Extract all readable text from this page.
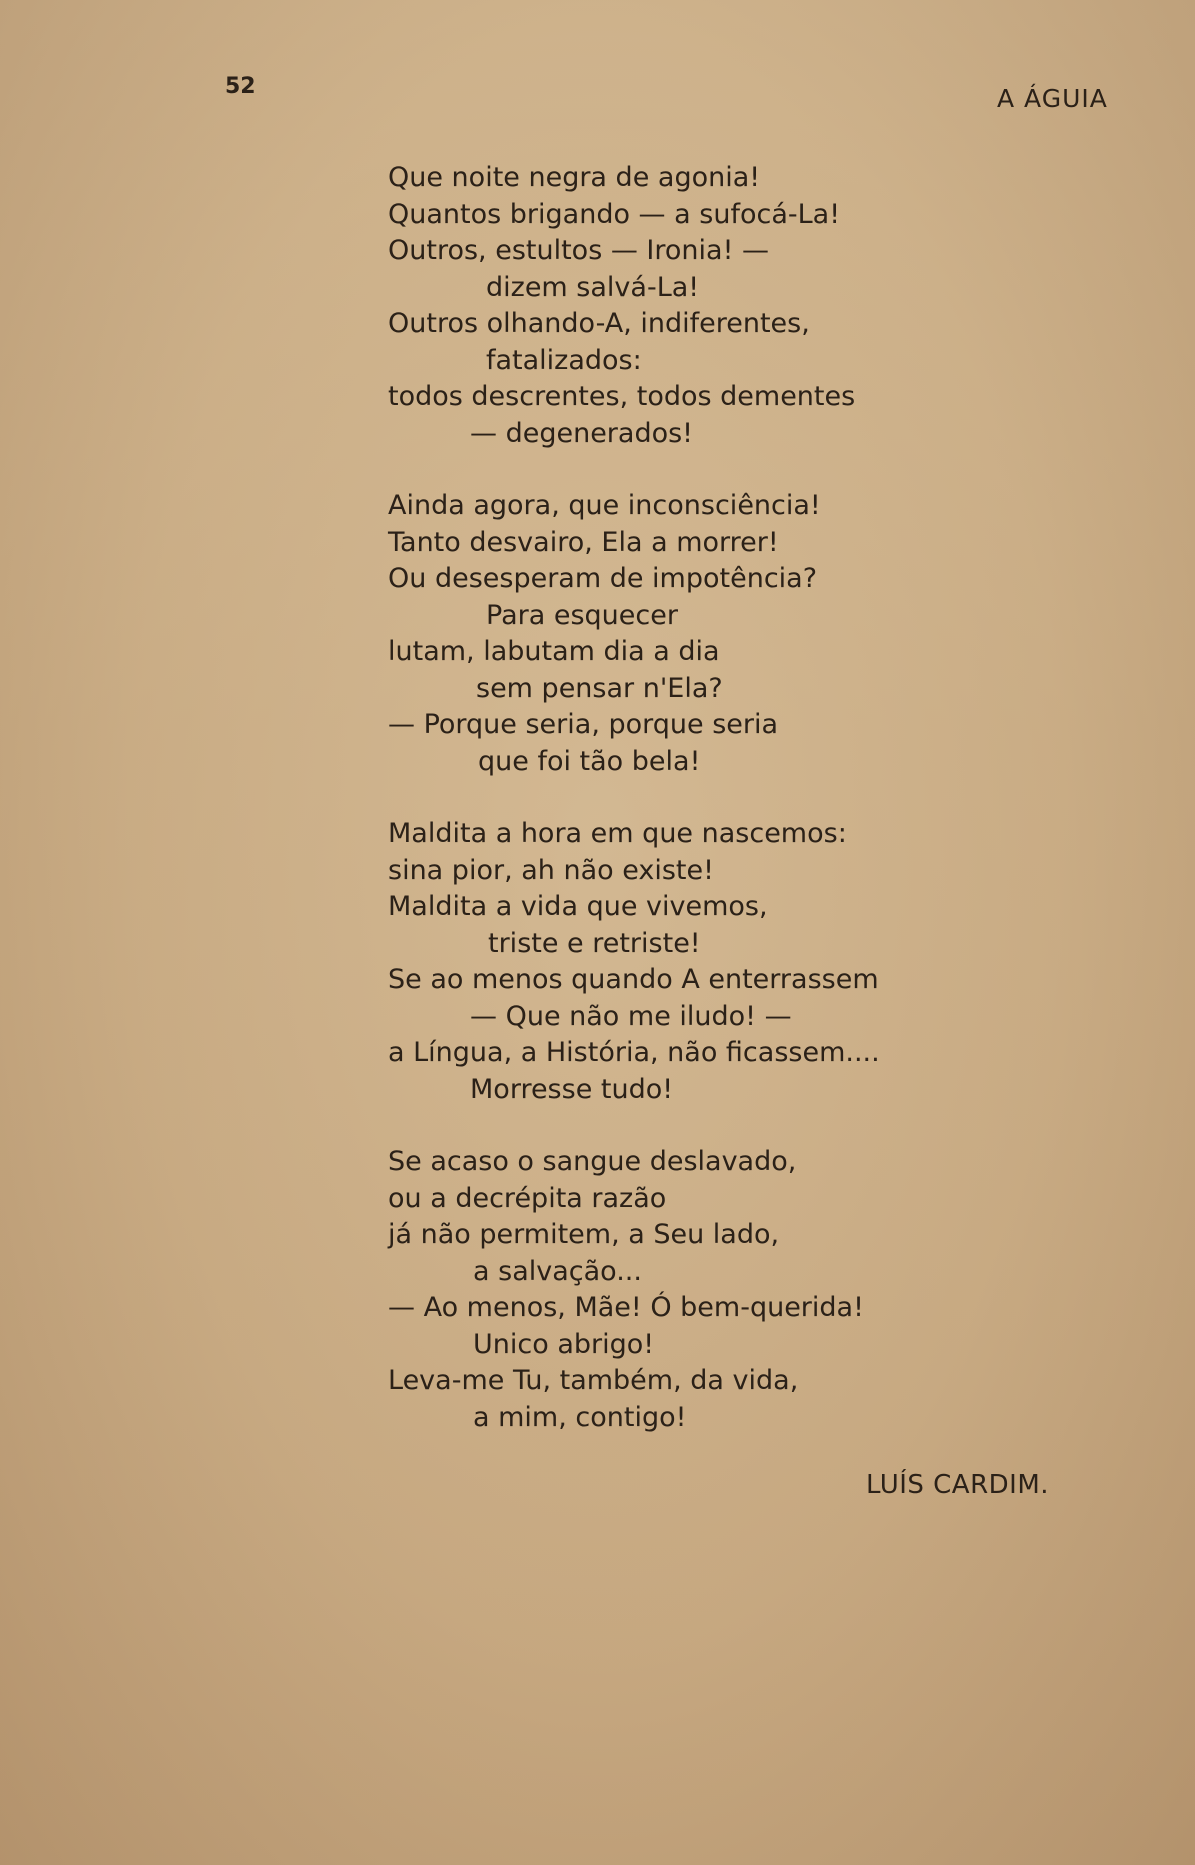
52	A ÁGUIA
Que noite negra de agonia!
Quantos brigando — a sufocá-La!
Outros, estultos — Ironia! —
dizem salvá-La!
Outros olhando-A, indiferentes,
fatalizados:
todos descrentes, todos dementes
— degenerados!
Ainda agora, que inconsciência!
Tanto desvairo, Ela a morrer!
Ou desesperam de impotência?
Para esquecer
lutam, labutam dia a dia
sem pensar n'Ela?
— Porque seria, porque seria
que foi tão bela!
Maldita a hora em que nascemos:
sina pior, ah não existe!
Maldita a vida que vivemos,
triste e retriste!
Se ao menos quando A enterrassem
— Que não me iludo! —
a Língua, a História, não ficassem....
Morresse tudo!
Se acaso o sangue deslavado,
ou a decrépita razão
já não permitem, a Seu lado,
a salvação...
— Ao menos, Mãe! Ó bem-querida!
Unico abrigo!
Leva-me Tu, também, da vida,
a mim, contigo!
LUÍS CARDIM.
